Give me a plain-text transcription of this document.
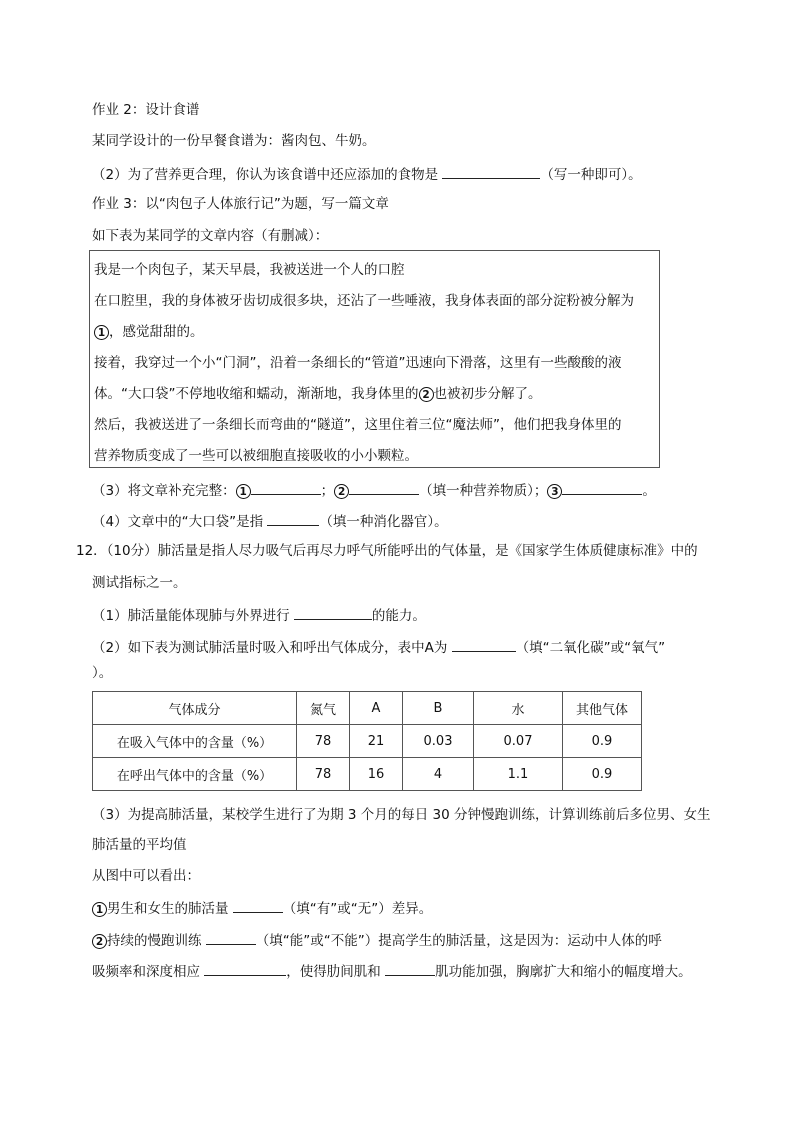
作业 2：设计食谱
某同学设计的一份早餐食谱为：酱肉包、牛奶。
（2）为了营养更合理，你认为该食谱中还应添加的食物是	（写一种即可）。
作业 3：以“肉包子人体旅行记”为题，写一篇文章
如下表为某同学的文章内容（有删减）：
我是一个肉包子，某天早晨，我被送进一个人的口腔
在口腔里，我的身体被牙齿切成很多块，还沾了一些唾液，我身体表面的部分淀粉被分解为
1 ，感觉甜甜的。
接着，我穿过一个小“门洞”，沿着一条细长的“管道”迅速向下滑落，这里有一些酸酸的液
体。“大口袋”不停地收缩和蠕动，渐渐地，我身体里的 2 也被初步分解了。
然后，我被送进了一条细长而弯曲的“隧道”，这里住着三位“魔法师”，他们把我身体里的
营养物质变成了一些可以被细胞直接吸收的小小颗粒。
（3）将文章补充完整： 1	； 2	（填一种营养物质）； 3	。
（4）文章中的“大口袋”是指	（填一种消化器官）。
12．（10分）肺活量是指人尽力吸气后再尽力呼气所能呼出的气体量，是《国家学生体质健康标准》中的
测试指标之一。
（1）肺活量能体现肺与外界进行	的能力。
（2）如下表为测试肺活量时吸入和呼出气体成分，表中A为	（填“二氧化碳”或“氧气”
）。
气体成分	氮气	A	B	水	其他气体
在吸入气体中的含量（%）	78	21	0.03	0.07	0.9
在呼出气体中的含量（%）	78	16	4	1.1	0.9
（3）为提高肺活量，某校学生进行了为期 3 个月的每日 30 分钟慢跑训练，计算训练前后多位男、女生
肺活量的平均值
从图中可以看出：
1 男生和女生的肺活量	（填“有”或“无”）差异。
2 持续的慢跑训练	（填“能”或“不能”）提高学生的肺活量，这是因为：运动中人体的呼
吸频率和深度相应	，使得肋间肌和	肌功能加强，胸廓扩大和缩小的幅度增大。
